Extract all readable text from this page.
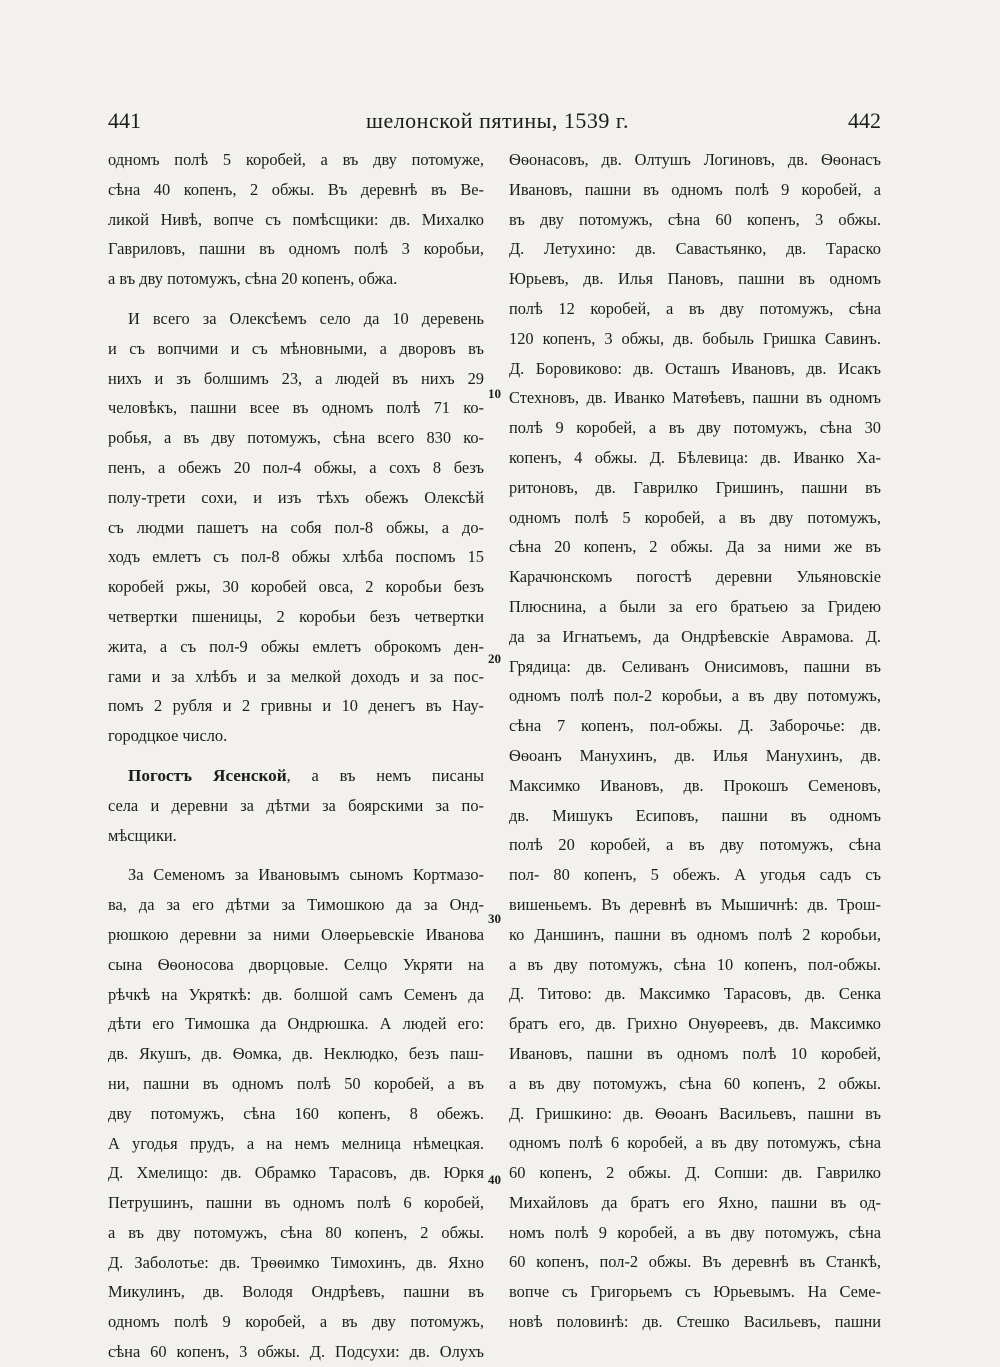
441	шелонской пятины, 1539 г.	442

одномъ полѣ 5 коробей, а въ дву потомуже,

сѣна 40 копенъ, 2 обжы. Въ деревнѣ въ Ве-

ликой Нивѣ, вопче съ помѣсщики: дв. Михалко

Гавриловъ, пашни въ одномъ полѣ 3 коробьи,

а въ дву потомужъ, сѣна 20 копенъ, обжа.

И всего за Олексѣемъ село да 10 деревень

и съ вопчими и съ мѣновными, а дворовъ въ

нихъ и зъ болшимъ 23, а людей въ нихъ 29

человѣкъ, пашни всее въ одномъ полѣ 71 ко-

робья, а въ дву потомужъ, сѣна всего 830 ко-

пенъ, а обежъ 20 пол-4 обжы, а сохъ 8 безъ

полу-трети сохи, и изъ тѣхъ обежъ Олексѣй

съ людми пашетъ на собя пол-8 обжы, а до-

ходъ емлетъ съ пол-8 обжы хлѣба поспомъ 15

коробей ржы, 30 коробей овса, 2 коробьи безъ

четвертки пшеницы, 2 коробьи безъ четвертки

жита, а съ пол-9 обжы емлетъ оброкомъ ден-

гами и за хлѣбъ и за мелкой доходъ и за пос-

помъ 2 рубля и 2 гривны и 10 денегъ въ Нау-

городцкое число.

Погостъ Ясенской, а въ немъ писаны

села и деревни за дѣтми за боярскими за по-

мѣсщики.

За Семеномъ за Ивановымъ сыномъ Кортмазо-

ва, да за его дѣтми за Тимошкою да за Онд-

рюшкою деревни за ними Олѳерьевскіе Иванова

сына Ѳѳоносова дворцовые. Селцо Укряти на

рѣчкѣ на Укряткѣ: дв. болшой самъ Семенъ да

дѣти его Тимошка да Ондрюшка. А людей его:

дв. Якушъ, дв. Ѳомка, дв. Неклюдко, безъ паш-

ни, пашни въ одномъ полѣ 50 коробей, а въ

дву потомужъ, сѣна 160 копенъ, 8 обежъ.

А угодья прудъ, а на немъ мелница нѣмецкая.

Д. Хмелищо: дв. Обрамко Тарасовъ, дв. Юркя

Петрушинъ, пашни въ одномъ полѣ 6 коробей,

а въ дву потомужъ, сѣна 80 копенъ, 2 обжы.

Д. Заболотье: дв. Трѳѳимко Тимохинъ, дв. Яхно

Микулинъ, дв. Володя Ондрѣевъ, пашни въ

одномъ полѣ 9 коробей, а въ дву потомужъ,

сѣна 60 копенъ, 3 обжы. Д. Подсухи: дв. Олухъ

Ѳѳонасовъ, дв. Олтушъ Логиновъ, дв. Ѳѳонасъ

Ивановъ, пашни въ одномъ полѣ 9 коробей, а

въ дву потомужъ, сѣна 60 копенъ, 3 обжы.

Д. Летухино: дв. Савастьянко, дв. Тараско

Юрьевъ, дв. Илья Пановъ, пашни въ одномъ

полѣ 12 коробей, а въ дву потомужъ, сѣна

120 копенъ, 3 обжы, дв. бобыль Гришка Савинъ.

Д. Боровиково: дв. Осташъ Ивановъ, дв. Исакъ

Стехновъ, дв. Иванко Матѳѣевъ, пашни въ одномъ

полѣ 9 коробей, а въ дву потомужъ, сѣна 30

копенъ, 4 обжы. Д. Бѣлевица: дв. Иванко Ха-

ритоновъ, дв. Гаврилко Гришинъ, пашни въ

одномъ полѣ 5 коробей, а въ дву потомужъ,

сѣна 20 копенъ, 2 обжы. Да за ними же въ

Карачюнскомъ погостѣ деревни Ульяновскіе

Плюснина, а были за его братьею за Гридею

да за Игнатьемъ, да Ондрѣевскіе Аврамова. Д.

Грядица: дв. Селиванъ Онисимовъ, пашни въ

одномъ полѣ пол-2 коробьи, а въ дву потомужъ,

сѣна 7 копенъ, пол-обжы. Д. Заборочье: дв.

Ѳѳоанъ Манухинъ, дв. Илья Манухинъ, дв.

Максимко Ивановъ, дв. Прокошъ Семеновъ,

дв. Мишукъ Есиповъ, пашни въ одномъ

полѣ 20 коробей, а въ дву потомужъ, сѣна

пол- 80 копенъ, 5 обежъ. А угодья садъ съ

вишеньемъ. Въ деревнѣ въ Мышичнѣ: дв. Трош-

ко Даншинъ, пашни въ одномъ полѣ 2 коробьи,

а въ дву потомужъ, сѣна 10 копенъ, пол-обжы.

Д. Титово: дв. Максимко Тарасовъ, дв. Сенка

братъ его, дв. Грихно Онуѳреевъ, дв. Максимко

Ивановъ, пашни въ одномъ полѣ 10 коробей,

а въ дву потомужъ, сѣна 60 копенъ, 2 обжы.

Д. Гришкино: дв. Ѳѳоанъ Васильевъ, пашни въ

одномъ полѣ 6 коробей, а въ дву потомужъ, сѣна

60 копенъ, 2 обжы. Д. Сопши: дв. Гаврилко

Михайловъ да братъ его Яхно, пашни въ од-

номъ полѣ 9 коробей, а въ дву потомужъ, сѣна

60 копенъ, пол-2 обжы. Въ деревнѣ въ Станкѣ,

вопче съ Григорьемъ съ Юрьевымъ. На Семе-

новѣ половинѣ: дв. Стешко Васильевъ, пашни

10
20
30
40
